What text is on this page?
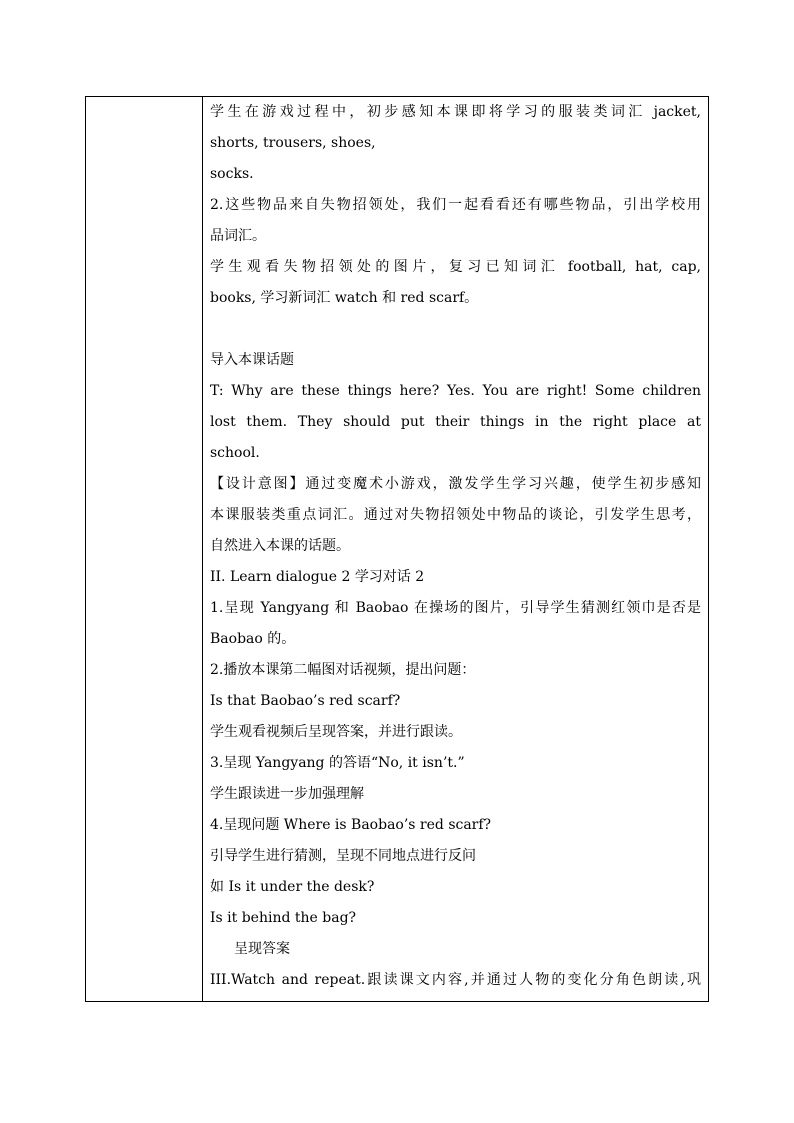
学生在游戏过程中，初步感知本课即将学习的服装类词汇 jacket,
shorts, trousers, shoes,
socks.
2.这些物品来自失物招领处，我们一起看看还有哪些物品，引出学校用
品词汇。
学生观看失物招领处的图片，复习已知词汇 football, hat, cap,
books, 学习新词汇 watch 和 red scarf。
导入本课话题
T: Why are these things here? Yes. You are right! Some children
lost them. They should put their things in the right place at
school.
【设计意图】通过变魔术小游戏，激发学生学习兴趣，使学生初步感知
本课服装类重点词汇。通过对失物招领处中物品的谈论，引发学生思考，
自然进入本课的话题。
II. Learn dialogue 2 学习对话 2
1.呈现 Yangyang 和 Baobao 在操场的图片，引导学生猜测红领巾是否是
Baobao 的。
2.播放本课第二幅图对话视频，提出问题：
Is that Baobao’s red scarf?
学生观看视频后呈现答案，并进行跟读。
3.呈现 Yangyang 的答语“No, it isn’t.”
学生跟读进一步加强理解
4.呈现问题 Where is Baobao’s red scarf?
引导学生进行猜测，呈现不同地点进行反问
如 Is it under the desk?
Is it behind the bag?
呈现答案
III.Watch and repeat.跟读课文内容,并通过人物的变化分角色朗读,巩
